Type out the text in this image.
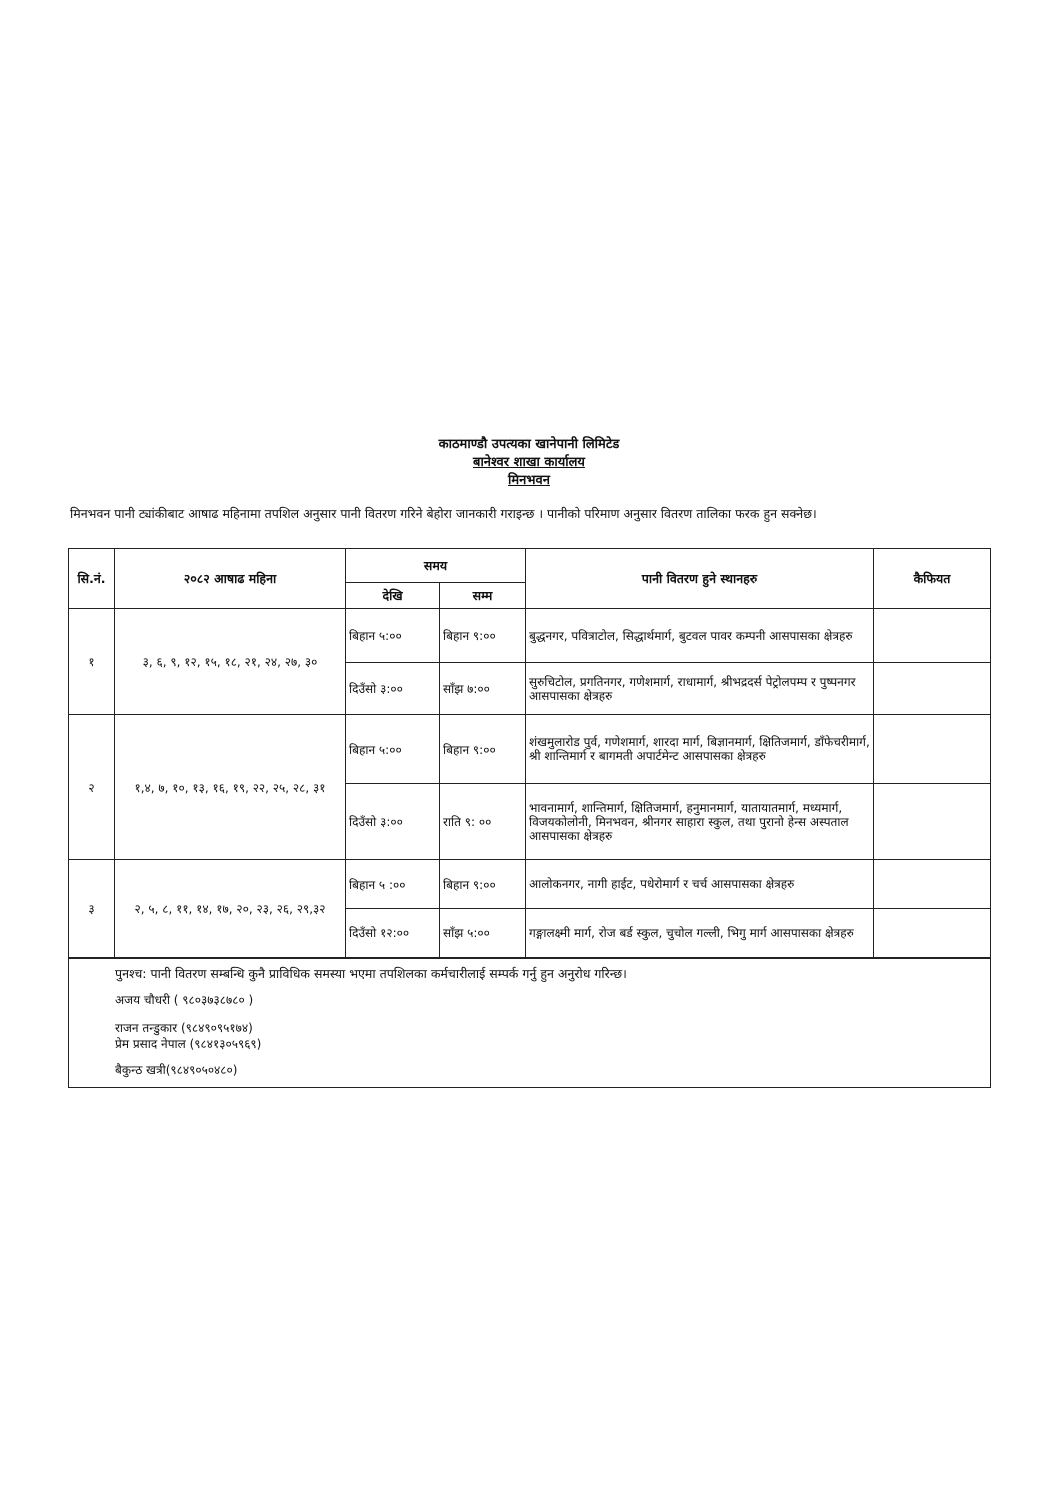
काठमाण्डौ उपत्यका खानेपानी लिमिटेड
बानेश्वर शाखा कार्यालय
मिनभवन
मिनभवन पानी ट्यांकीबाट आषाढ महिनामा तपशिल अनुसार पानी वितरण गरिने बेहोरा जानकारी गराइन्छ । पानीको परिमाण अनुसार वितरण तालिका फरक हुन सक्नेछ।
सि.नं.	२०८२ आषाढ महिना	समय		पानी वितरण हुने स्थानहरु	कैफियत
		देखि	सम्म		
१	३, ६, ९, १२, १५, १८, २१, २४, २७, ३०	बिहान ५:००	बिहान ९:००	बुद्धनगर, पवित्राटोल, सिद्धार्थमार्ग, बुटवल पावर कम्पनी आसपासका क्षेत्रहरु	
		दिउँसो ३:००	साँझ ७:००	सुरुचिटोल, प्रगतिनगर, गणेशमार्ग, राधामार्ग, श्रीभद्रदर्स पेट्रोलपम्प र पुष्पनगर आसपासका क्षेत्रहरु	
२	१,४, ७, १०, १३, १६, १९, २२, २५, २८, ३१	बिहान ५:००	बिहान ९:००	शंखमुलारोड पुर्व, गणेशमार्ग, शारदा मार्ग, बिज्ञानमार्ग, क्षितिजमार्ग, डाँफेचरीमार्ग, श्री शान्तिमार्ग र बागमती अपार्टमेन्ट आसपासका क्षेत्रहरु	
		दिउँसो ३:००	राति ९: ००	भावनामार्ग, शान्तिमार्ग, क्षितिजमार्ग, हनुमानमार्ग, यातायातमार्ग, मध्यमार्ग, विजयकोलोनी, मिनभवन, श्रीनगर साहारा स्कुल, तथा पुरानो हेन्स अस्पताल आसपासका क्षेत्रहरु	
३	२, ५, ८, ११, १४, १७, २०, २३, २६, २९,३२	बिहान ५ :००	बिहान ९:००	आलोकनगर, नागी हाईट, पधेरोमार्ग र चर्च आसपासका क्षेत्रहरु	
		दिउँसो १२:००	साँझ ५:००	गङ्गालक्ष्मी मार्ग, रोज बर्ड स्कुल, चुचोल गल्ली, भिगु मार्ग आसपासका क्षेत्रहरु	

पुनश्च: पानी वितरण सम्बन्धि कुनै प्राविधिक समस्या भएमा तपशिलका कर्मचारीलाई सम्पर्क गर्नु हुन अनुरोध गरिन्छ।
अजय चौधरी ( ९८०३७३८७८० )
राजन तन्डुकार (९८४९०९५१७४)
प्रेम प्रसाद नेपाल (९८४१३०५९६९)
बैकुन्ठ खत्री(९८४९०५०४८०)					
